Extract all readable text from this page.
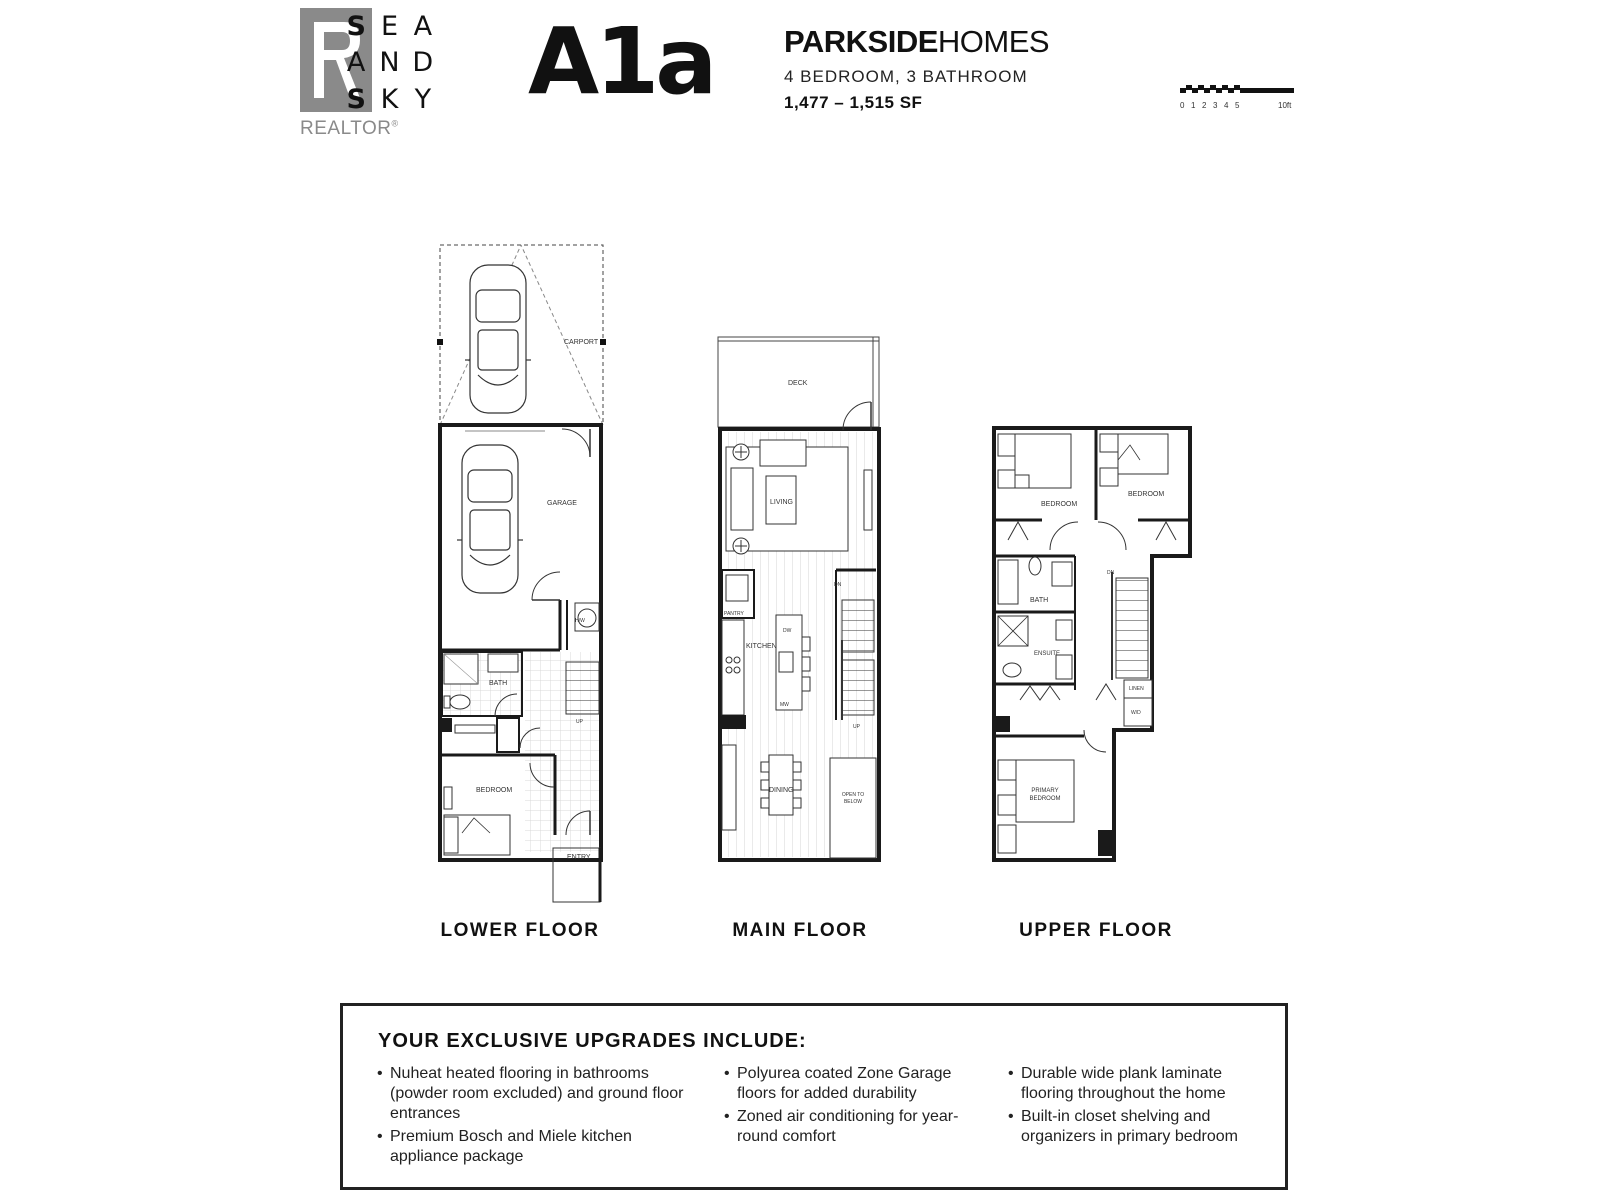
S E A
A N D
S K Y
REALTOR®
A1a PARKSIDEHOMES
4 BEDROOM, 3 BATHROOM
1,477 – 1,515 SF	0 1 2 3 4 5	10ft
CARPORT
GARAGE
H/W
BATH
UP
BEDROOM
ENTRY
DECK
LIVING
PANTRY
KITCHEN
DW
MW
DN
UP
DINING
OPEN TO
BELOW
BEDROOM
BEDROOM
DN
BATH
ENSUITE
LINEN
W/D
PRIMARY
BEDROOM
LOWER FLOOR	MAIN FLOOR	UPPER FLOOR
YOUR EXCLUSIVE UPGRADES INCLUDE:
• Nuheat heated flooring in bathrooms (powder room excluded) and ground floor entrances
• Premium Bosch and Miele kitchen appliance package
• Polyurea coated Zone Garage floors for added durability
• Zoned air conditioning for year-round comfort
• Durable wide plank laminate flooring throughout the home
• Built-in closet shelving and organizers in primary bedroom
